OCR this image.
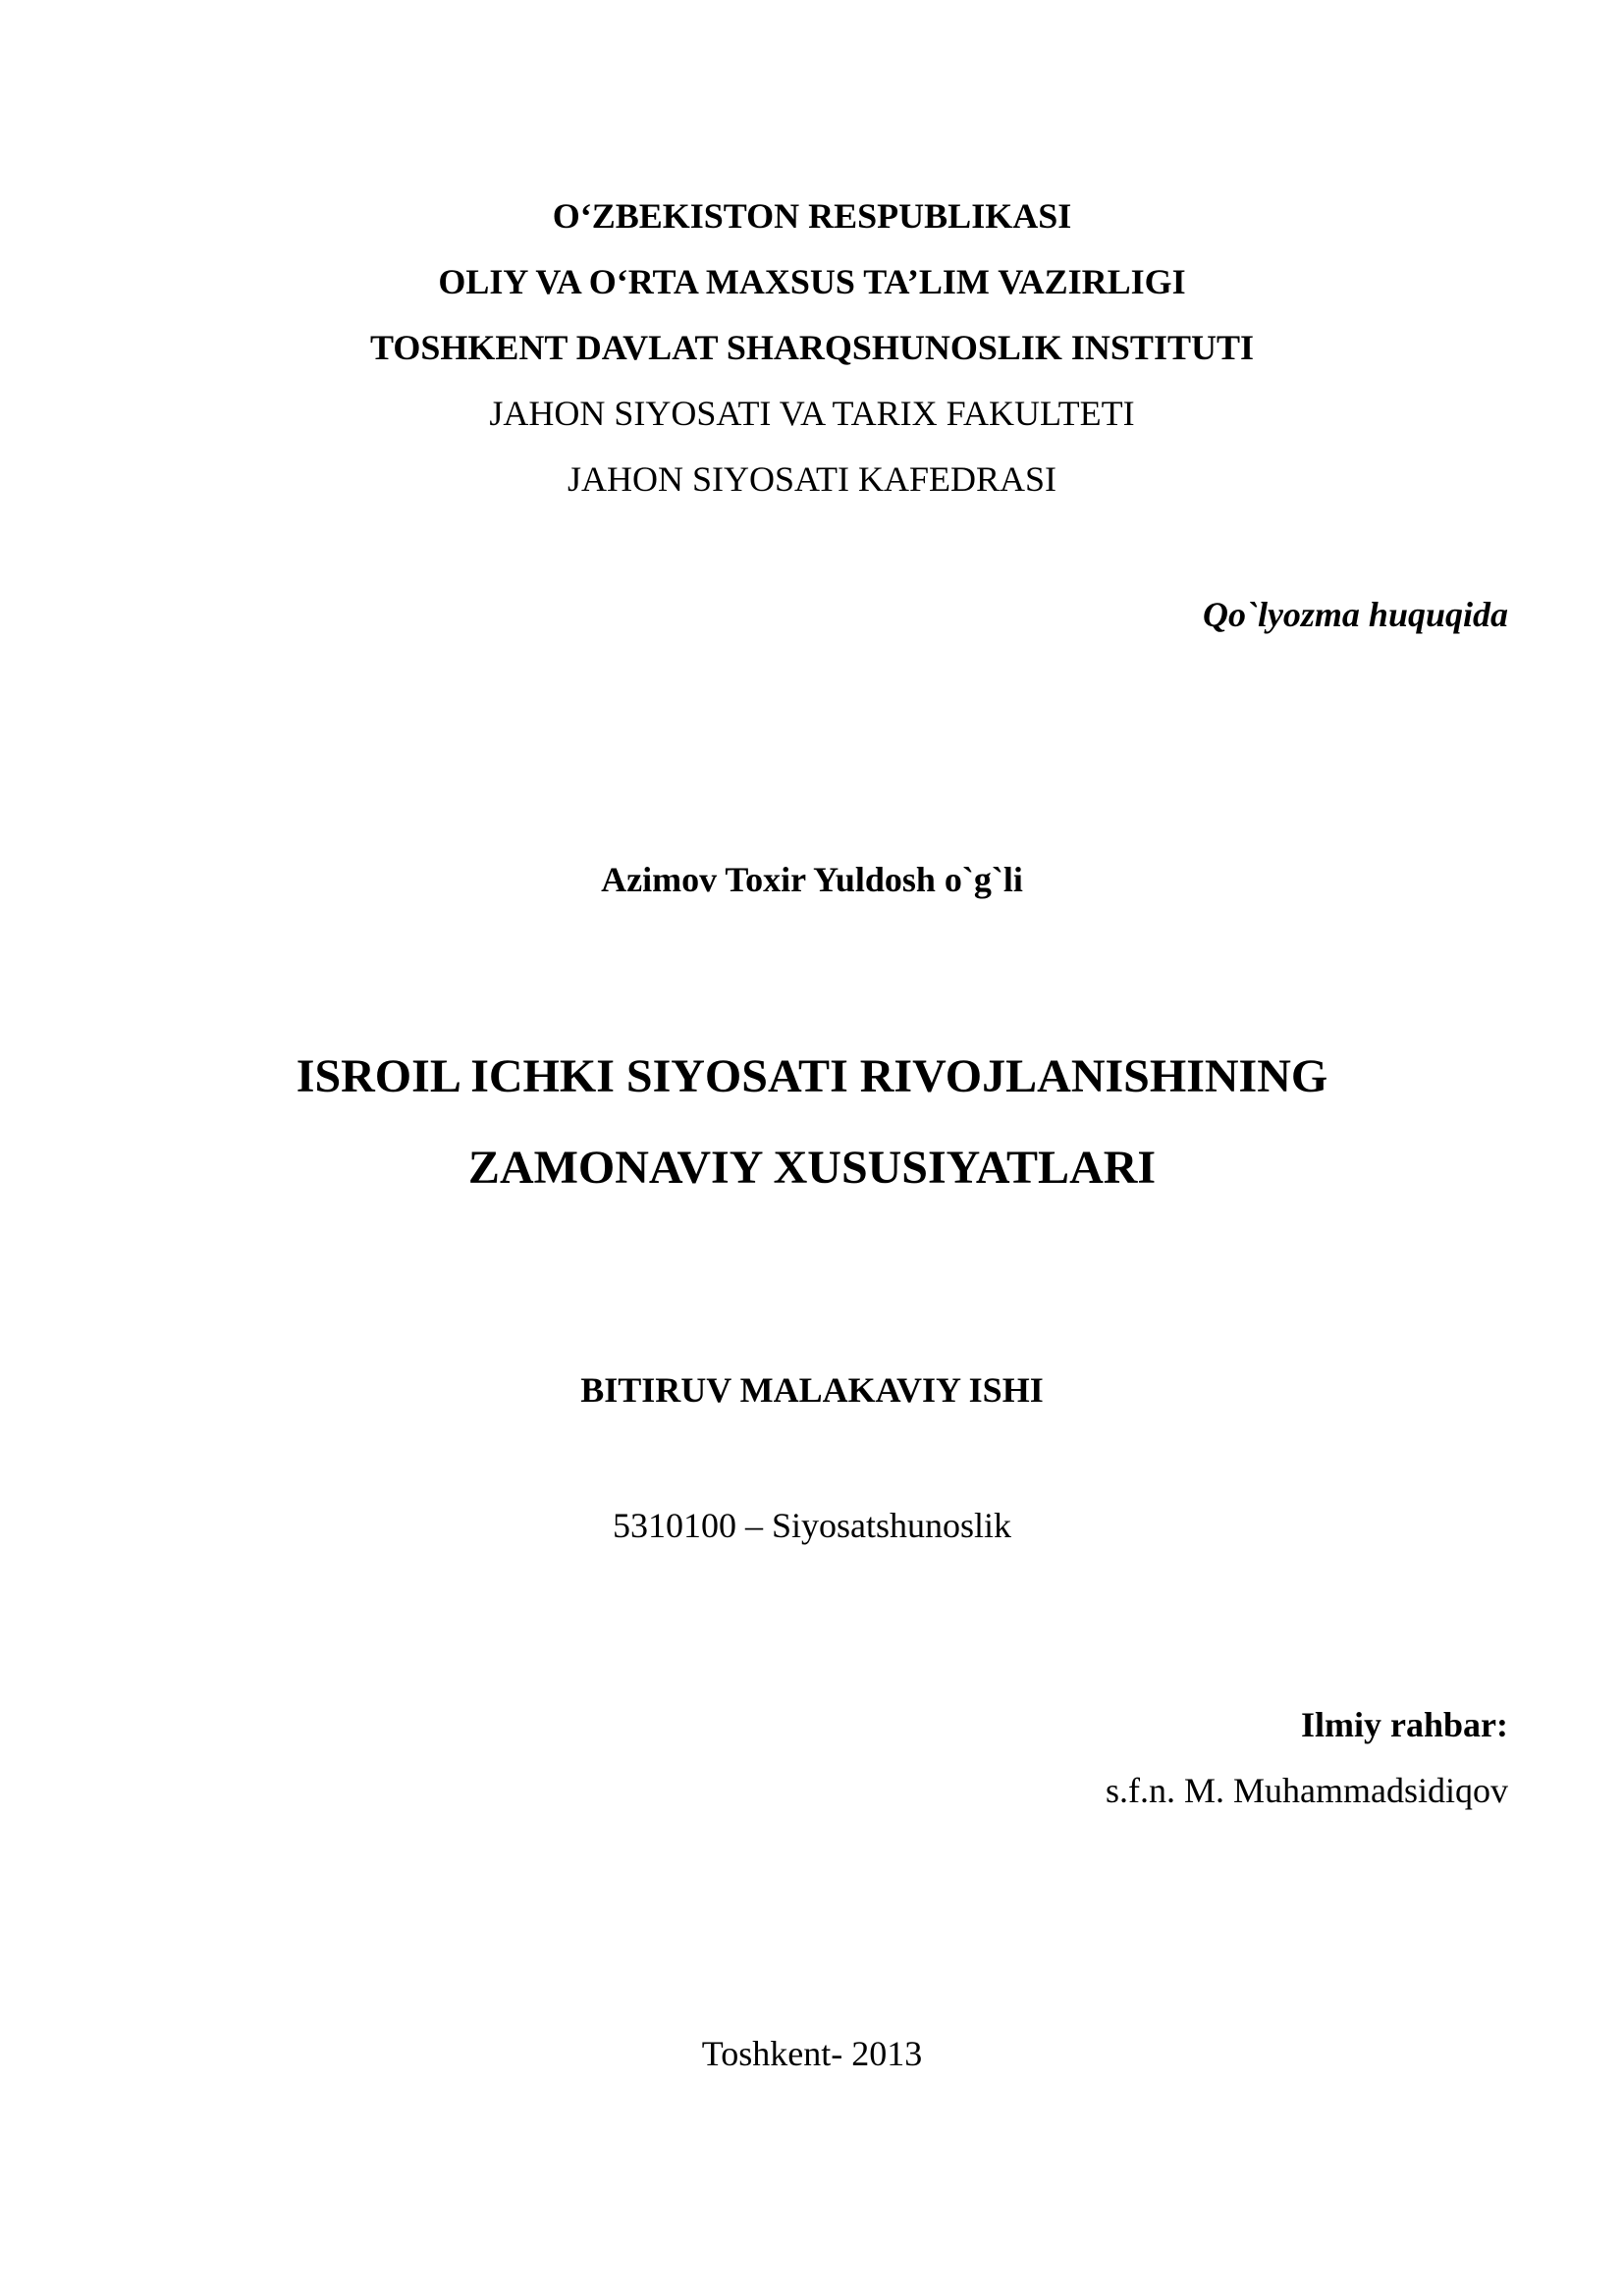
O‘ZBEKISTON RESPUBLIKASI
OLIY VA O‘RTA MAXSUS TA’LIM VAZIRLIGI
TOSHKENT DAVLAT SHARQSHUNOSLIK INSTITUTI
JAHON SIYOSATI VA TARIX FAKULTETI
JAHON SIYOSATI KAFEDRASI
Qo`lyozma huquqida
Azimov Toxir Yuldosh o`g`li
ISROIL ICHKI SIYOSATI RIVOJLANISHINING
ZAMONAVIY XUSUSIYATLARI
BITIRUV MALAKAVIY ISHI
5310100 – Siyosatshunoslik
Ilmiy rahbar:
s.f.n. M. Muhammadsidiqov
Toshkent- 2013
